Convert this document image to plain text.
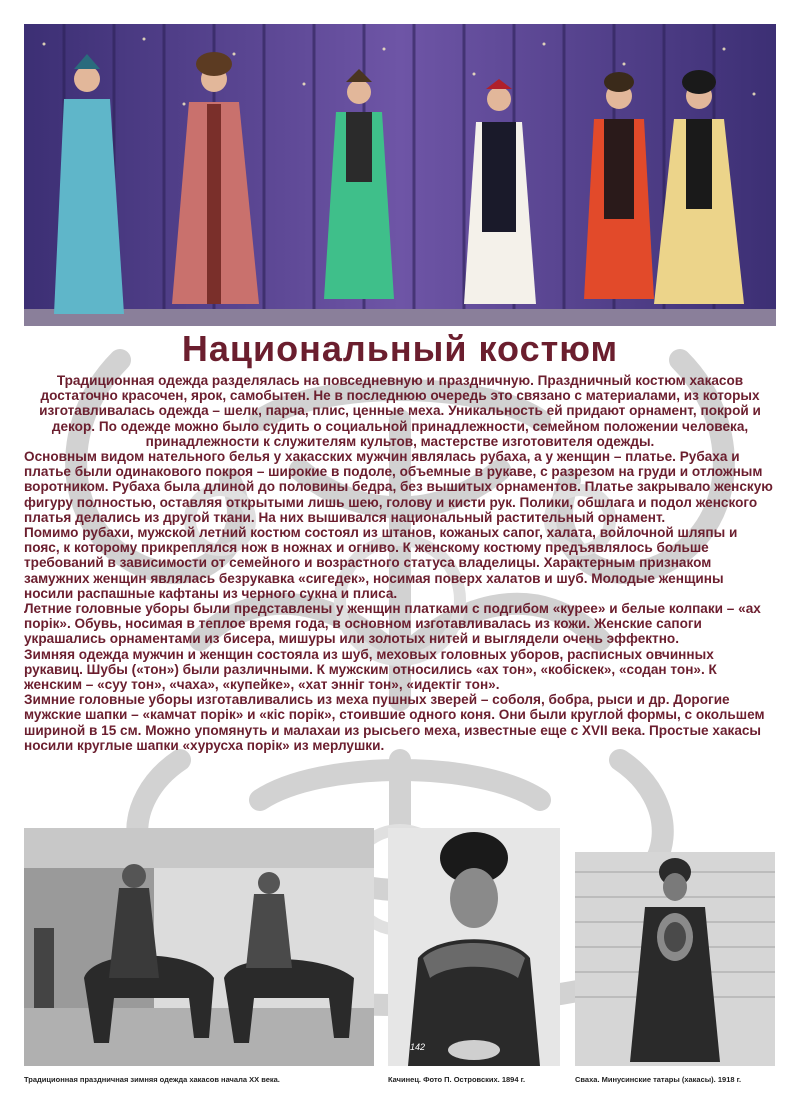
Национальный костюм

Традиционная одежда разделялась на повседневную и праздничную. Праздничный костюм хакасов достаточно красочен, ярок, самобытен. Не в последнюю очередь это связано с материалами, из которых изготавливалась одежда – шелк, парча, плис, ценные меха. Уникальность ей придают орнамент, покрой и декор. По одежде можно было судить о социальной принадлежности, семейном положении человека, принадлежности к служителям культов, мастерстве изготовителя одежды.

Основным видом нательного белья у хакасских мужчин являлась рубаха, а у женщин – платье. Рубаха и платье были одинакового покроя – широкие в подоле, объемные в рукаве, с разрезом на груди и отложным воротником. Рубаха была длиной до половины бедра, без вышитых орнаментов. Платье закрывало женскую фигуру полностью, оставляя открытыми лишь шею, голову и кисти рук. Полики, обшлага и подол женского платья делались из другой ткани. На них вышивался национальный растительный орнамент.

Помимо рубахи, мужской летний костюм состоял из штанов, кожаных сапог, халата, войлочной шляпы и пояс, к которому прикреплялся нож в ножнах и огниво. К женскому костюму предъявлялось больше требований в зависимости от семейного и возрастного статуса владелицы. Характерным признаком замужних женщин являлась безрукавка «сигедек», носимая поверх халатов и шуб. Молодые женщины носили распашные кафтаны из черного сукна и плиса.

Летние головные уборы были представлены у женщин платками с подгибом «курее» и белые колпаки – «ах порік». Обувь, носимая в теплое время года, в основном изготавливалась из кожи. Женские сапоги украшались орнаментами из бисера, мишуры или золотых нитей и выглядели очень эффектно.

Зимняя одежда мужчин и женщин состояла из шуб, меховых головных уборов, расписных овчинных рукавиц. Шубы («тон») были различными. К мужским относились «ах тон», «кобіскек», «содан тон». К женским – «суу тон», «чаха», «купейке», «хат эннiг тон», «идектiг тон».

Зимние головные уборы изготавливались из меха пушных зверей – соболя, бобра, рыси и др. Дорогие мужские шапки – «камчат порік» и «кіс порік», стоившие одного коня. Они были круглой формы, с окольшем шириной в 15 см. Можно упомянуть и малахаи из рысьего меха, известные еще с XVII века. Простые хакасы носили круглые шапки «хурусха порік» из мерлушки.

Традиционная праздничная зимняя одежда хакасов начала XX века.
142
Качинец. Фото П. Островских. 1894 г.	Сваха. Минусинские татары (хакасы). 1918 г.
